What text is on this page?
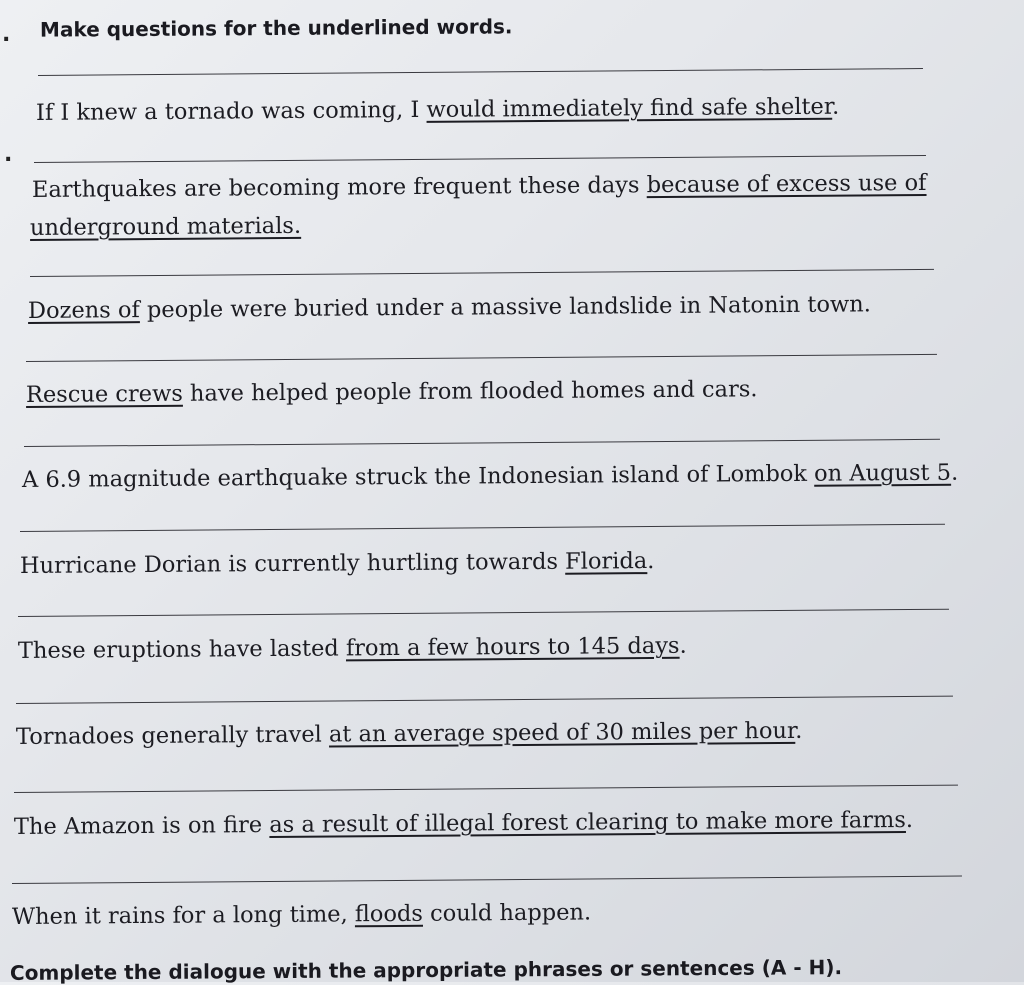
. Make questions for the underlined words.
.
If I knew a tornado was coming, I would immediately find safe shelter.
Earthquakes are becoming more frequent these days because of excess use of
underground materials.
Dozens of people were buried under a massive landslide in Natonin town.
Rescue crews have helped people from flooded homes and cars.
A 6.9 magnitude earthquake struck the Indonesian island of Lombok on August 5.
Hurricane Dorian is currently hurtling towards Florida.
These eruptions have lasted from a few hours to 145 days.
Tornadoes generally travel at an average speed of 30 miles per hour.
The Amazon is on fire as a result of illegal forest clearing to make more farms.
When it rains for a long time, floods could happen.
Complete the dialogue with the appropriate phrases or sentences (A - H).
